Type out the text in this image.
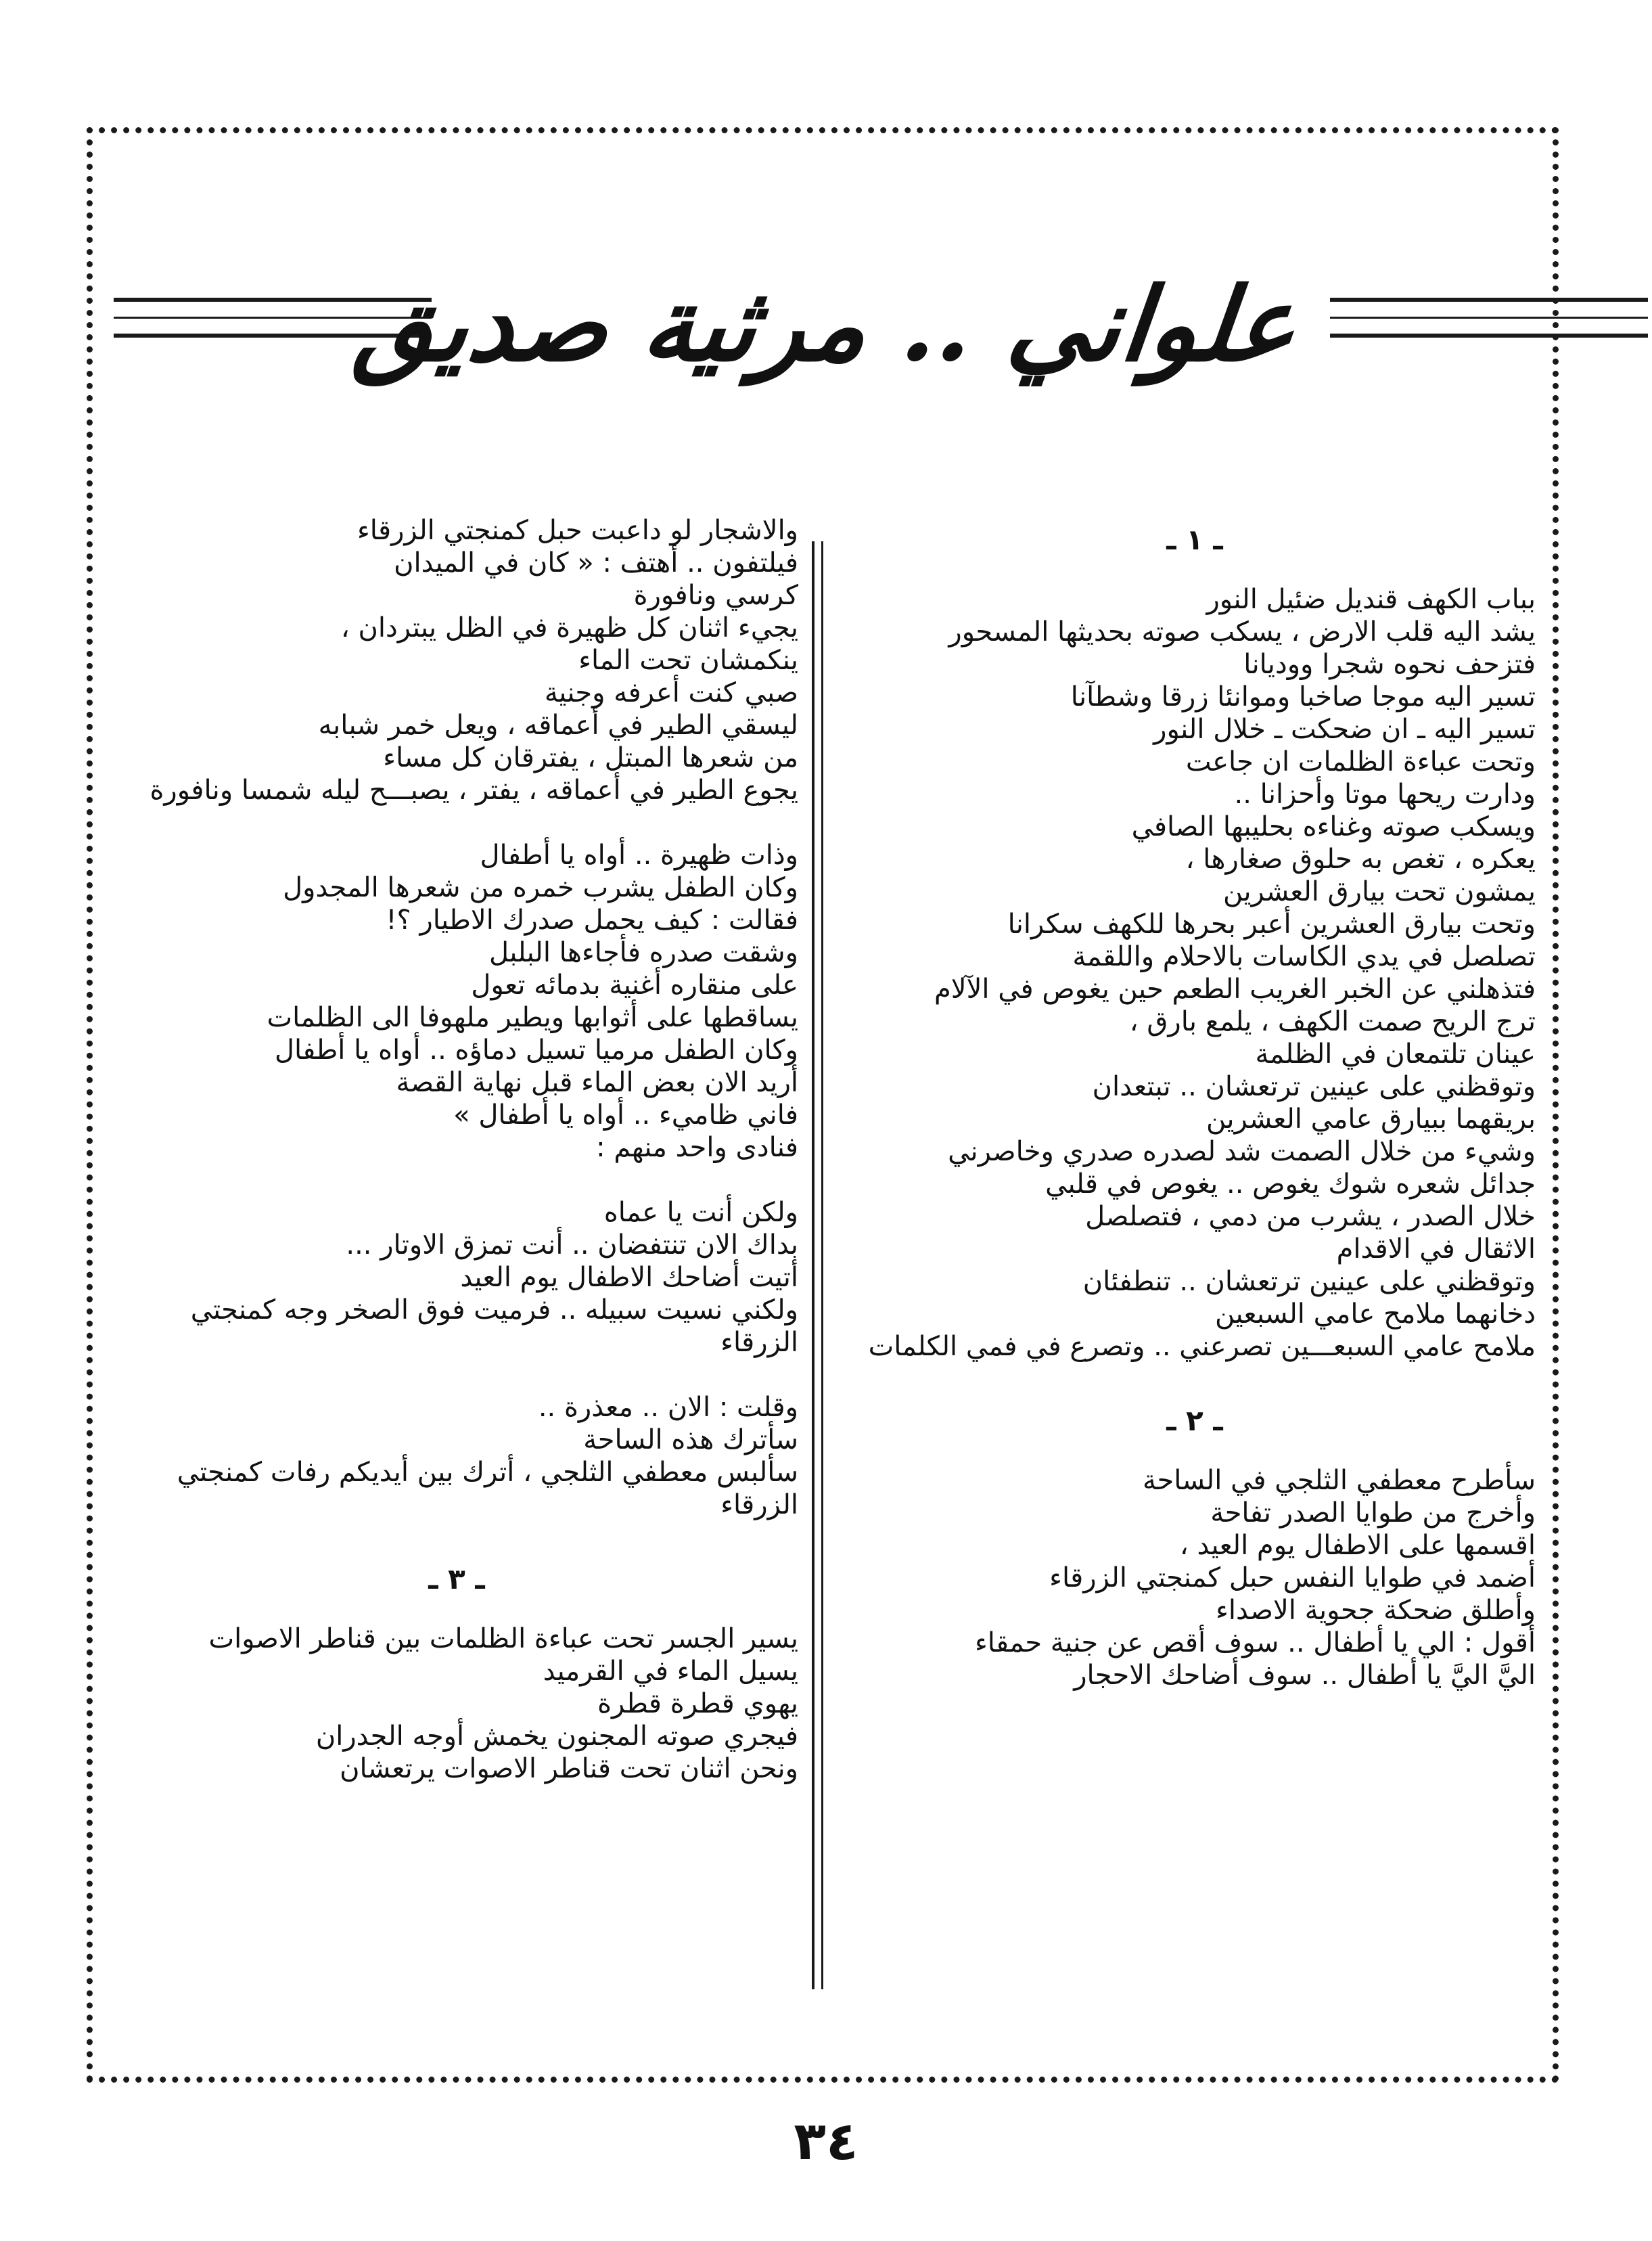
علواني .. مرثية صديق
ـ ١ ـ
بباب الكهف قنديل ضئيل النور
يشد اليه قلب الارض ، يسكب صوته بحديثها المسحور
فتزحف نحوه شجرا ووديانا
تسير اليه موجا صاخبا وموانئا زرقا وشطآنا
تسير اليه ـ ان ضحكت ـ خلال النور
وتحت عباءة الظلمات ان جاعت
ودارت ريحها موتا وأحزانا ..
ويسكب صوته وغناءه بحليبها الصافي
يعكره ، تغص به حلوق صغارها ،
يمشون تحت بيارق العشرين
وتحت بيارق العشرين أعبر بحرها للكهف سكرانا
تصلصل في يدي الكاسات بالاحلام واللقمة
فتذهلني عن الخبر الغريب الطعم حين يغوص في الآلام
ترج الريح صمت الكهف ، يلمع بارق ،
عينان تلتمعان في الظلمة
وتوقظني على عينين ترتعشان .. تبتعدان
بريقهما ببيارق عامي العشرين
وشيء من خلال الصمت شد لصدره صدري وخاصرني
جدائل شعره شوك يغوص .. يغوص في قلبي
خلال الصدر ، يشرب من دمي ، فتصلصل
الاثقال في الاقدام
وتوقظني على عينين ترتعشان .. تنطفئان
دخانهما ملامح عامي السبعين
ملامح عامي السبعـــين تصرعني .. وتصرع في فمي الكلمات
ـ ٢ ـ
سأطرح معطفي الثلجي في الساحة
وأخرج من طوايا الصدر تفاحة
اقسمها على الاطفال يوم العيد ،
أضمد في طوايا النفس حبل كمنجتي الزرقاء
وأطلق ضحكة جحوية الاصداء
أقول : الي يا أطفال .. سوف أقص عن جنية حمقاء
اليَّ اليَّ يا أطفال .. سوف أضاحك الاحجار
والاشجار لو داعبت حبل كمنجتي الزرقاء
فيلتفون .. أهتف : « كان في الميدان
كرسي ونافورة
يجيء اثنان كل ظهيرة في الظل يبتردان ،
ينكمشان تحت الماء
صبي كنت أعرفه وجنية
ليسقي الطير في أعماقه ، ويعل خمر شبابه
من شعرها المبتل ، يفترقان كل مساء
يجوع الطير في أعماقه ، يفتر ، يصبـــح ليله شمسا ونافورة
وذات ظهيرة .. أواه يا أطفال
وكان الطفل يشرب خمره من شعرها المجدول
فقالت : كيف يحمل صدرك الاطيار ؟!
وشقت صدره فأجاءها البلبل
على منقاره أغنية بدمائه تعول
يساقطها على أثوابها ويطير ملهوفا الى الظلمات
وكان الطفل مرميا تسيل دماؤه .. أواه يا أطفال
أريد الان بعض الماء قبل نهاية القصة
فاني ظاميء .. أواه يا أطفال »
فنادى واحد منهم :
ولكن أنت يا عماه
بداك الان تنتفضان .. أنت تمزق الاوتار ...
أتيت أضاحك الاطفال يوم العيد
ولكني نسيت سبيله .. فرميت فوق الصخر وجه كمنجتي الزرقاء
وقلت : الان .. معذرة ..
سأترك هذه الساحة
سألبس معطفي الثلجي ، أترك بين أيديكم رفات كمنجتي الزرقاء
ـ ٣ ـ
يسير الجسر تحت عباءة الظلمات بين قناطر الاصوات
يسيل الماء في القرميد
يهوي قطرة قطرة
فيجري صوته المجنون يخمش أوجه الجدران
ونحن اثنان تحت قناطر الاصوات يرتعشان
٣٤
